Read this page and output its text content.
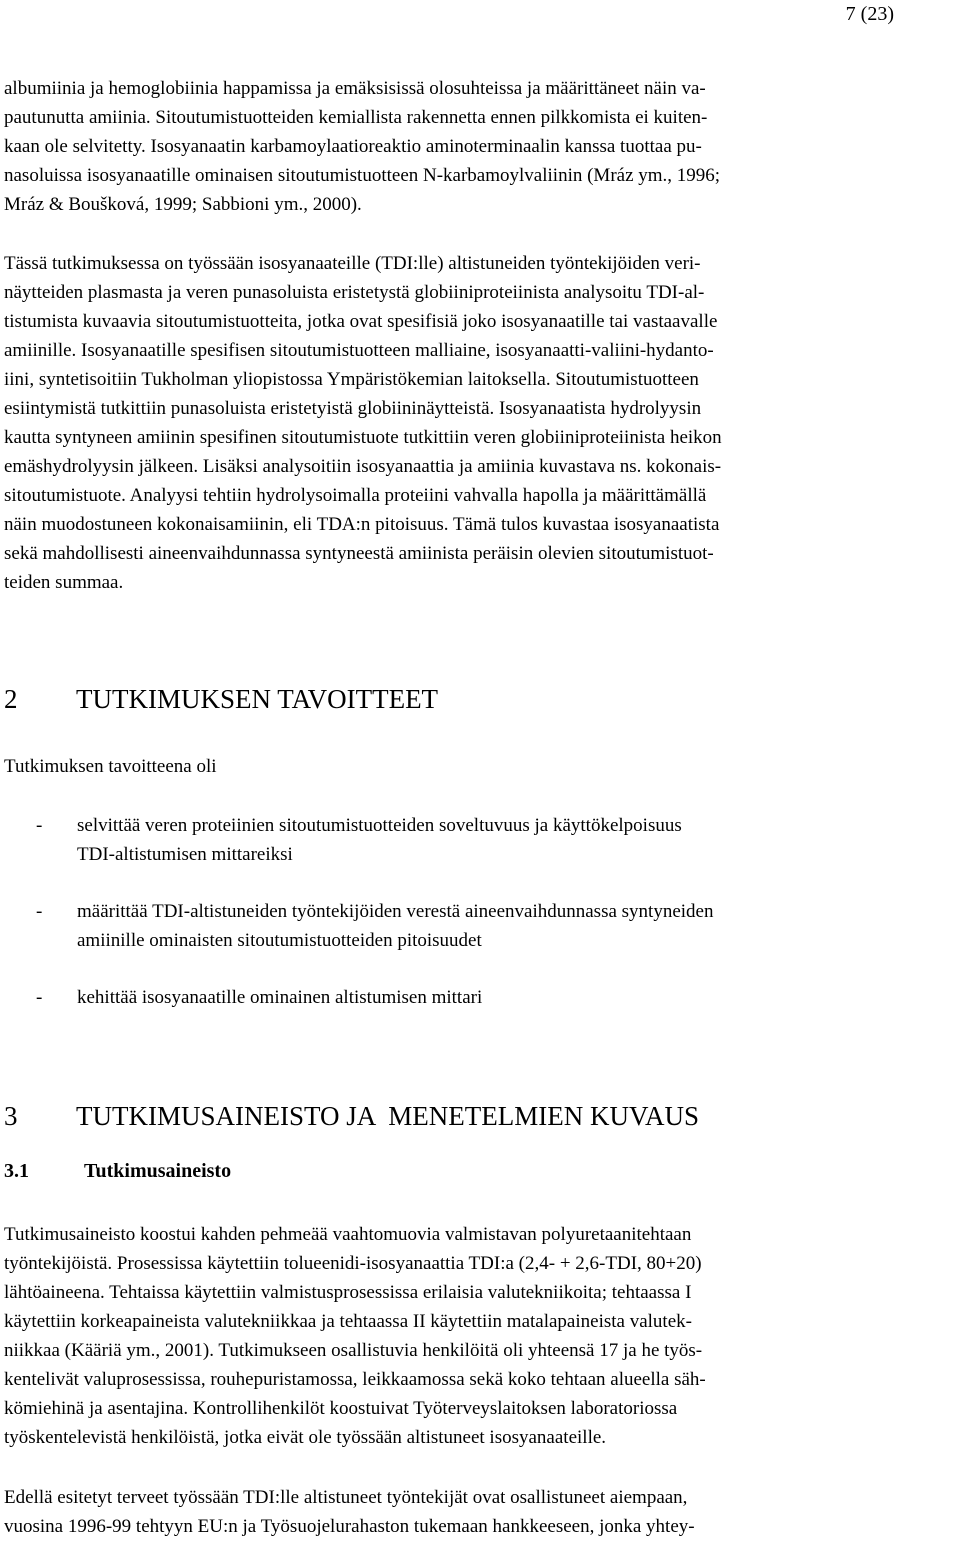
7 (23)
albumiinia ja hemoglobiinia happamissa ja emäksisissä olosuhteissa ja määrittäneet näin va-
pautunutta amiinia. Sitoutumistuotteiden kemiallista rakennetta ennen pilkkomista ei kuiten-
kaan ole selvitetty. Isosyanaatin karbamoylaatioreaktio aminoterminaalin kanssa tuottaa pu-
nasoluissa isosyanaatille ominaisen sitoutumistuotteen N-karbamoylvaliinin (Mráz ym., 1996;
Mráz & Boušková, 1999; Sabbioni ym., 2000).
Tässä tutkimuksessa on työssään isosyanaateille (TDI:lle) altistuneiden työntekijöiden veri-
näytteiden plasmasta ja veren punasoluista eristetystä globiiniproteiinista analysoitu TDI-al-
tistumista kuvaavia sitoutumistuotteita, jotka ovat spesifisiä joko isosyanaatille tai vastaavalle
amiinille. Isosyanaatille spesifisen sitoutumistuotteen malliaine, isosyanaatti-valiini-hydanto-
iini, syntetisoitiin Tukholman yliopistossa Ympäristökemian laitoksella. Sitoutumistuotteen
esiintymistä tutkittiin punasoluista eristetyistä globiininäytteistä. Isosyanaatista hydrolyysin
kautta syntyneen amiinin spesifinen sitoutumistuote tutkittiin veren globiiniproteiinista heikon
emäshydrolyysin jälkeen. Lisäksi analysoitiin isosyanaattia ja amiinia kuvastava ns. kokonais-
sitoutumistuote. Analyysi tehtiin hydrolysoimalla proteiini vahvalla hapolla ja määrittämällä
näin muodostuneen kokonaisamiinin, eli TDA:n pitoisuus. Tämä tulos kuvastaa isosyanaatista
sekä mahdollisesti aineenvaihdunnassa syntyneestä amiinista peräisin olevien sitoutumistuot-
teiden summaa.
2 TUTKIMUKSEN TAVOITTEET
Tutkimuksen tavoitteena oli
- selvittää veren proteiinien sitoutumistuotteiden soveltuvuus ja käyttökelpoisuus
TDI-altistumisen mittareiksi
- määrittää TDI-altistuneiden työntekijöiden verestä aineenvaihdunnassa syntyneiden
amiinille ominaisten sitoutumistuotteiden pitoisuudet
- kehittää isosyanaatille ominainen altistumisen mittari
3 TUTKIMUSAINEISTO JA  MENETELMIEN KUVAUS
3.1	Tutkimusaineisto
Tutkimusaineisto koostui kahden pehmeää vaahtomuovia valmistavan polyuretaanitehtaan
työntekijöistä. Prosessissa käytettiin tolueenidi-isosyanaattia TDI:a (2,4- + 2,6-TDI, 80+20)
lähtöaineena. Tehtaissa käytettiin valmistusprosessissa erilaisia valutekniikoita; tehtaassa I
käytettiin korkeapaineista valutekniikkaa ja tehtaassa II käytettiin matalapaineista valutek-
niikkaa (Kääriä ym., 2001). Tutkimukseen osallistuvia henkilöitä oli yhteensä 17 ja he työs-
kentelivät valuprosessissa, rouhepuristamossa, leikkaamossa sekä koko tehtaan alueella säh-
kömiehinä ja asentajina. Kontrollihenkilöt koostuivat Työterveyslaitoksen laboratoriossa
työskentelevistä henkilöistä, jotka eivät ole työssään altistuneet isosyanaateille.
Edellä esitetyt terveet työssään TDI:lle altistuneet työntekijät ovat osallistuneet aiempaan,
vuosina 1996-99 tehtyyn EU:n ja Työsuojelurahaston tukemaan hankkeeseen, jonka yhtey-
